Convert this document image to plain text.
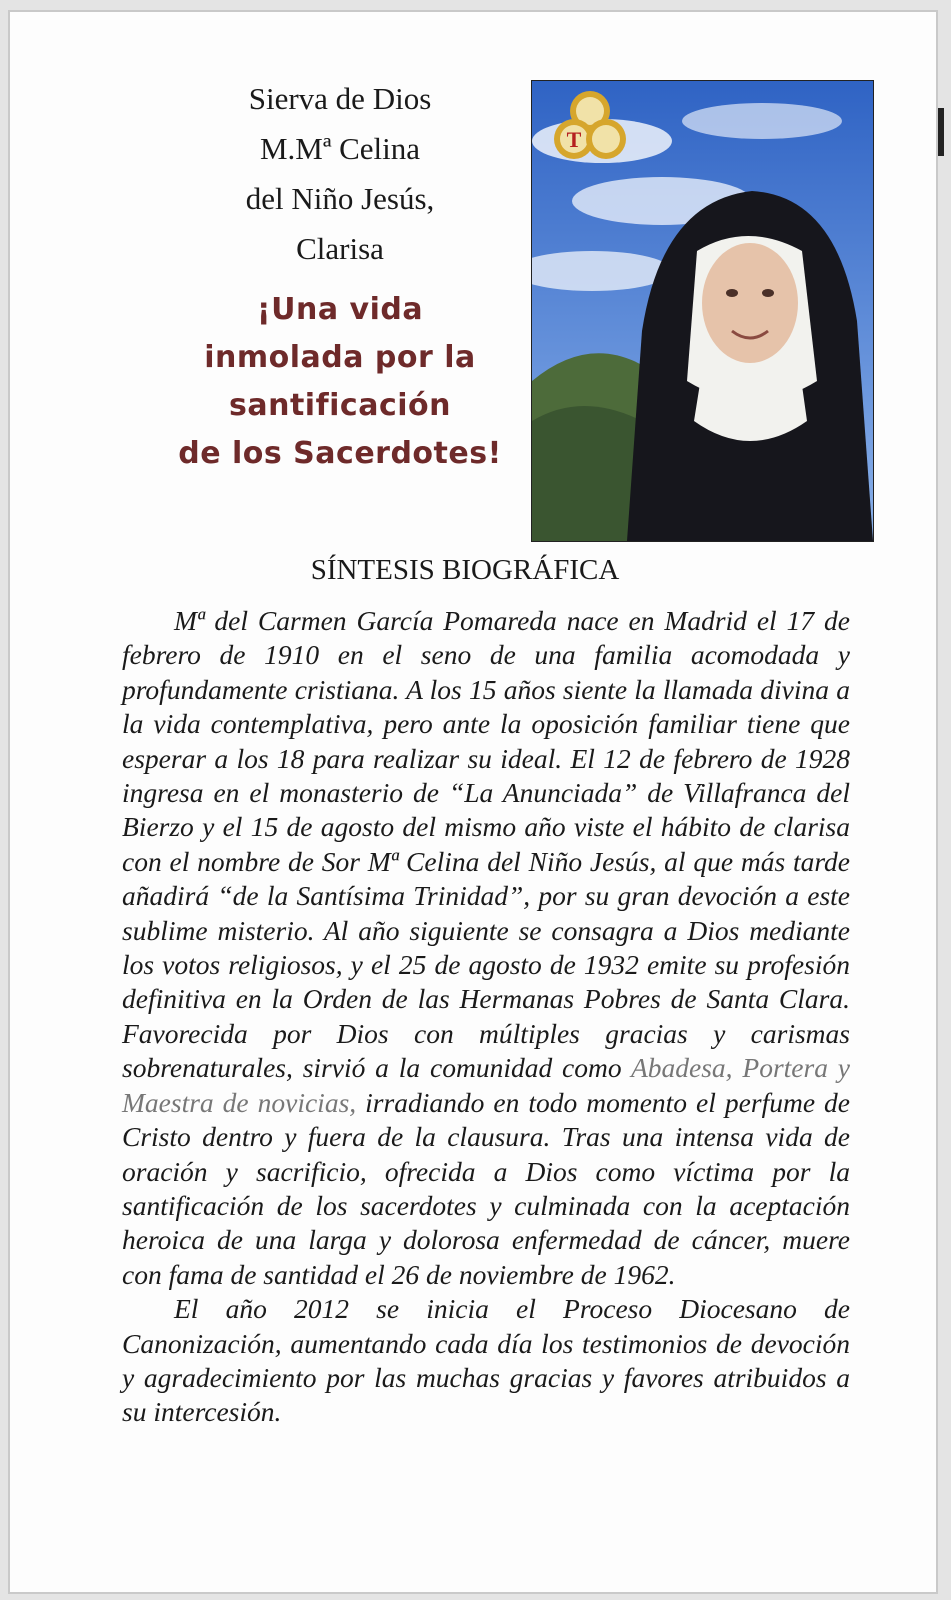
Sierva de Dios
M.Mª Celina
del Niño Jesús,
Clarisa
¡Una vida
inmolada por la
santificación
de los Sacerdotes!
T
SÍNTESIS BIOGRÁFICA

Mª del Carmen García Pomareda nace en Madrid el 17 de febrero de 1910 en el seno de una familia acomodada y profundamente cristiana. A los 15 años siente la llamada divina a la vida contemplativa, pero ante la oposición familiar tiene que esperar a los 18 para realizar su ideal. El 12 de febrero de 1928 ingresa en el monasterio de “La Anunciada” de Villafranca del Bierzo y el 15 de agosto del mismo año viste el hábito de clarisa con el nombre de Sor Mª Celina del Niño Jesús, al que más tarde añadirá “de la Santísima Trinidad”, por su gran devoción a este sublime misterio. Al año siguiente se consagra a Dios mediante los votos religiosos, y el 25 de agosto de 1932 emite su profesión definitiva en la Orden de las Hermanas Pobres de Santa Clara. Favorecida por Dios con múltiples gracias y carismas sobrenaturales, sirvió a la comunidad como Abadesa, Portera y Maestra de novicias, irradiando en todo momento el perfume de Cristo dentro y fuera de la clausura. Tras una intensa vida de oración y sacrificio, ofrecida a Dios como víctima por la santificación de los sacerdotes y culminada con la aceptación heroica de una larga y dolorosa enfermedad de cáncer, muere con fama de santidad el 26 de noviembre de 1962.

El año 2012 se inicia el Proceso Diocesano de Canonización, aumentando cada día los testimonios de devoción y agradecimiento por las muchas gracias y favores atribuidos a su intercesión.
